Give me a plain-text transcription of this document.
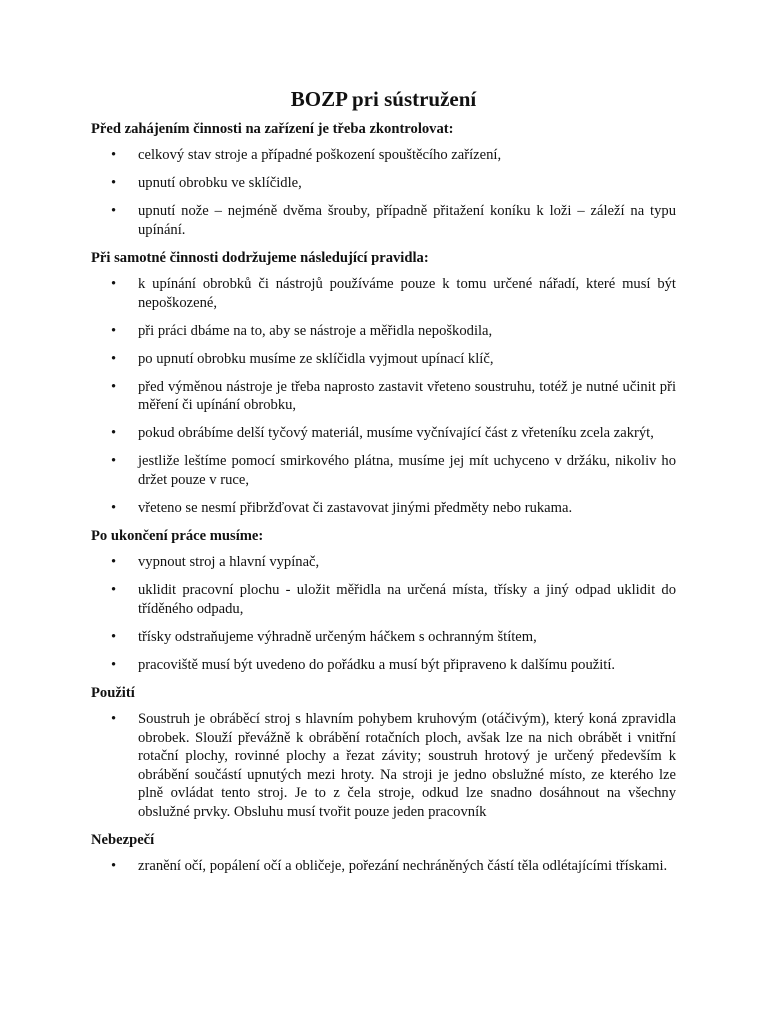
BOZP pri sústružení

Před zahájením činnosti na zařízení je třeba zkontrolovat:

• celkový stav stroje a případné poškození spouštěcího zařízení,
• upnutí obrobku ve sklíčidle,
• upnutí nože – nejméně dvěma šrouby, případně přitažení koníku k loži – záleží na typu upínání.

Při samotné činnosti dodržujeme následující pravidla:

• k upínání obrobků či nástrojů používáme pouze k tomu určené nářadí, které musí být nepoškozené,
• při práci dbáme na to, aby se nástroje a měřidla nepoškodila,
• po upnutí obrobku musíme ze sklíčidla vyjmout upínací klíč,
• před výměnou nástroje je třeba naprosto zastavit vřeteno soustruhu, totéž je nutné učinit při měření či upínání obrobku,
• pokud obrábíme delší tyčový materiál, musíme vyčnívající část z vřeteníku zcela zakrýt,
• jestliže leštíme pomocí smirkového plátna, musíme jej mít uchyceno v držáku, nikoliv ho držet pouze v ruce,
• vřeteno se nesmí přibržďovat či zastavovat jinými předměty nebo rukama.

Po ukončení práce musíme:

• vypnout stroj a hlavní vypínač,
• uklidit pracovní plochu - uložit měřidla na určená místa, třísky a jiný odpad uklidit do tříděného odpadu,
• třísky odstraňujeme výhradně určeným háčkem s ochranným štítem,
• pracoviště musí být uvedeno do pořádku a musí být připraveno k dalšímu použití.

Použití

• Soustruh je obráběcí stroj s hlavním pohybem kruhovým (otáčivým), který koná zpravidla obrobek. Slouží převážně k obrábění rotačních ploch, avšak lze na nich obrábět i vnitřní rotační plochy, rovinné plochy a řezat závity; soustruh hrotový je určený především k obrábění součástí upnutých mezi hroty. Na stroji je jedno obslužné místo, ze kterého lze plně ovládat tento stroj. Je to z čela stroje, odkud lze snadno dosáhnout na všechny obslužné prvky. Obsluhu musí tvořit pouze jeden pracovník

Nebezpečí

• zranění očí, popálení očí a obličeje, pořezání nechráněných částí těla odlétajícími třískami.
